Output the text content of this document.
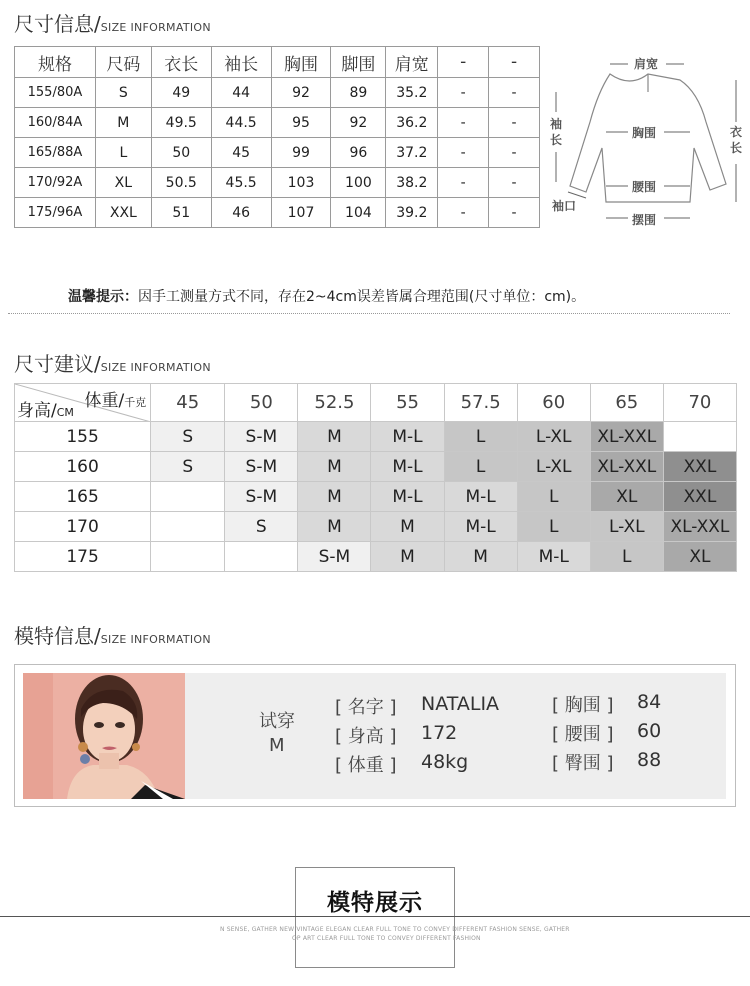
尺寸信息/SIZE INFORMATION
规格	尺码	衣长	袖长	胸围	脚围	肩宽	-	-
155/80A	S	49	44	92	89	35.2	-	-
160/84A	M	49.5	44.5	95	92	36.2	-	-
165/88A	L	50	45	99	96	37.2	-	-
170/92A	XL	50.5	45.5	103	100	38.2	-	-
175/96A	XXL	51	46	107	104	39.2	-	-
肩宽
胸围
腰围
摆围
袖
长
袖口
衣
长
温馨提示：因手工测量方式不同，存在2~4cm误差皆属合理范围(尺寸单位：cm)。
尺寸建议/SIZE INFORMATION
体重/千克
身高/CM	45	50	52.5	55	57.5	60	65	70
155	S	S-M	M	M-L	L	L-XL	XL-XXL	
160	S	S-M	M	M-L	L	L-XL	XL-XXL	XXL
165		S-M	M	M-L	M-L	L	XL	XXL
170		S	M	M	M-L	L	L-XL	XL-XXL
175			S-M	M	M	M-L	L	XL
模特信息/SIZE INFORMATION
试穿
M
[ 名字 ] NATALIA
[ 身高 ] 172
[ 体重 ] 48kg
[ 胸围 ] 84
[ 腰围 ] 60
[ 臀围 ] 88
模特展示
N SENSE, GATHER NEW VINTAGE ELEGAN CLEAR FULL TONE TO CONVEY DIFFERENT FASHION SENSE, GATHER
OP ART CLEAR FULL TONE TO CONVEY DIFFERENT FASHION
